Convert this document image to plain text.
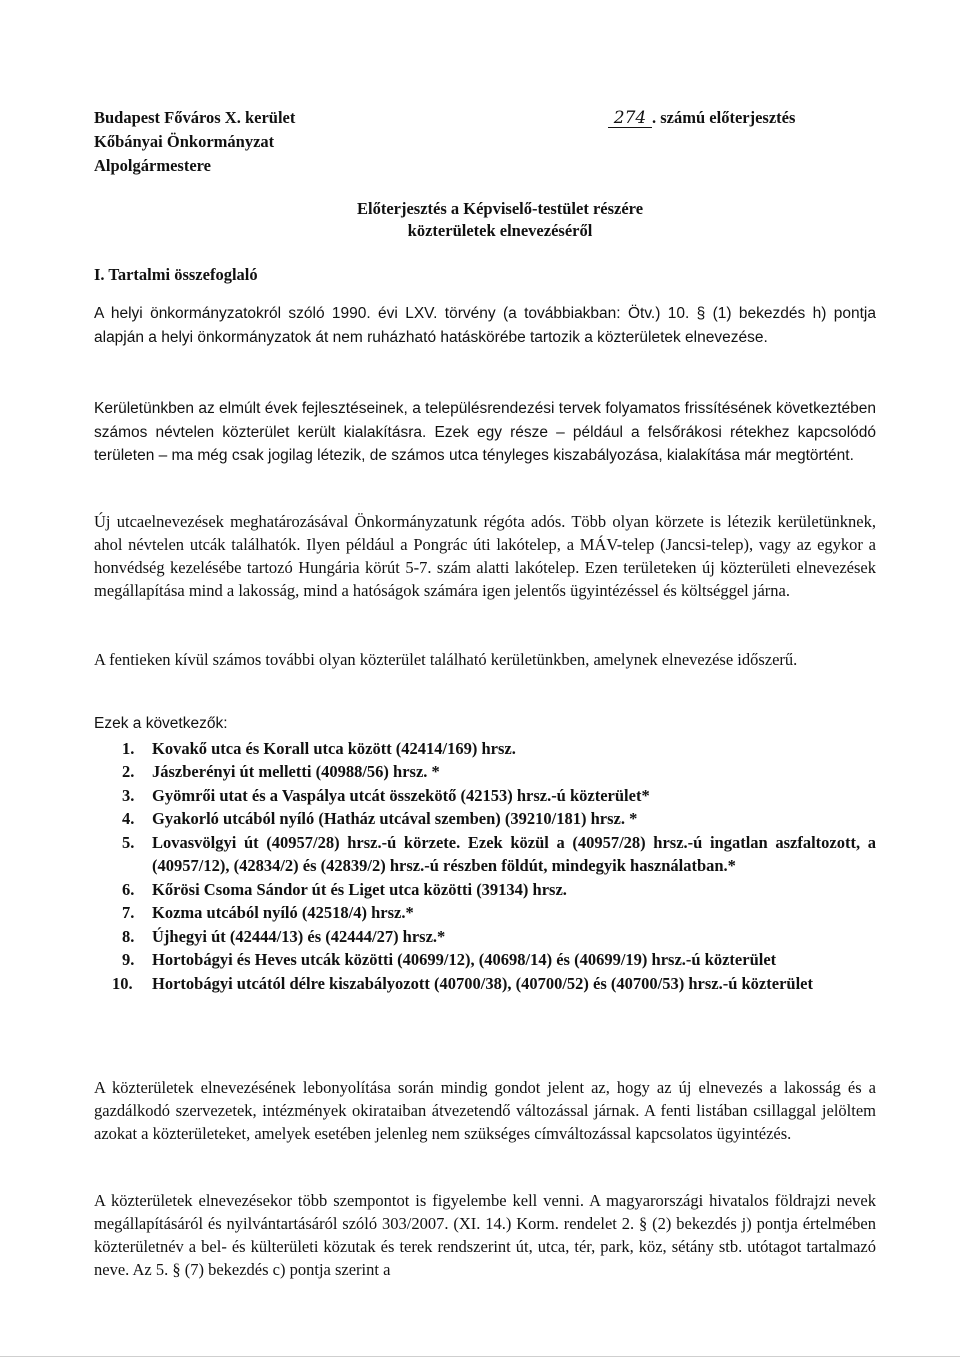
Budapest Főváros X. kerület
Kőbányai Önkormányzat
Alpolgármestere
274 . számú előterjesztés
Előterjesztés a Képviselő-testület részére
közterületek elnevezéséről
I. Tartalmi összefoglaló
A helyi önkormányzatokról szóló 1990. évi LXV. törvény (a továbbiakban: Ötv.) 10. § (1) bekezdés h) pontja alapján a helyi önkormányzatok át nem ruházható hatáskörébe tartozik a közterületek elnevezése.
Kerületünkben az elmúlt évek fejlesztéseinek, a településrendezési tervek folyamatos frissítésének következtében számos névtelen közterület került kialakításra. Ezek egy része – például a felsőrákosi rétekhez kapcsolódó területen – ma még csak jogilag létezik, de számos utca tényleges kiszabályozása, kialakítása már megtörtént.
Új utcaelnevezések meghatározásával Önkormányzatunk régóta adós. Több olyan körzete is létezik kerületünknek, ahol névtelen utcák találhatók. Ilyen például a Pongrác úti lakótelep, a MÁV-telep (Jancsi-telep), vagy az egykor a honvédség kezelésébe tartozó Hungária körút 5-7. szám alatti lakótelep. Ezen területeken új közterületi elnevezések megállapítása mind a lakosság, mind a hatóságok számára igen jelentős ügyintézéssel és költséggel járna.
A fentieken kívül számos további olyan közterület található kerületünkben, amelynek elnevezése időszerű.

Ezek a következők:

1. Kovakő utca és Korall utca között (42414/169) hrsz.
2. Jászberényi út melletti (40988/56) hrsz. *
3. Gyömrői utat és a Vaspálya utcát összekötő (42153) hrsz.-ú közterület*
4. Gyakorló utcából nyíló (Hatház utcával szemben) (39210/181) hrsz. *
5. Lovasvölgyi út (40957/28) hrsz.-ú körzete. Ezek közül a (40957/28) hrsz.-ú ingatlan aszfaltozott, a (40957/12), (42834/2) és (42839/2) hrsz.-ú részben földút, mindegyik használatban.*
6. Kőrösi Csoma Sándor út és Liget utca közötti (39134) hrsz.
7. Kozma utcából nyíló (42518/4) hrsz.*
8. Újhegyi út (42444/13) és (42444/27) hrsz.*
9. Hortobágyi és Heves utcák közötti (40699/12), (40698/14) és (40699/19) hrsz.-ú közterület
10. Hortobágyi utcától délre kiszabályozott (40700/38), (40700/52) és (40700/53) hrsz.-ú közterület
A közterületek elnevezésének lebonyolítása során mindig gondot jelent az, hogy az új elnevezés a lakosság és a gazdálkodó szervezetek, intézmények okirataiban átvezetendő változással járnak. A fenti listában csillaggal jelöltem azokat a közterületeket, amelyek esetében jelenleg nem szükséges címváltozással kapcsolatos ügyintézés.
A közterületek elnevezésekor több szempontot is figyelembe kell venni. A magyarországi hivatalos földrajzi nevek megállapításáról és nyilvántartásáról szóló 303/2007. (XI. 14.) Korm. rendelet 2. § (2) bekezdés j) pontja értelmében közterületnév a bel- és külterületi közutak és terek rendszerint út, utca, tér, park, köz, sétány stb. utótagot tartalmazó neve. Az 5. § (7) bekezdés c) pontja szerint a
